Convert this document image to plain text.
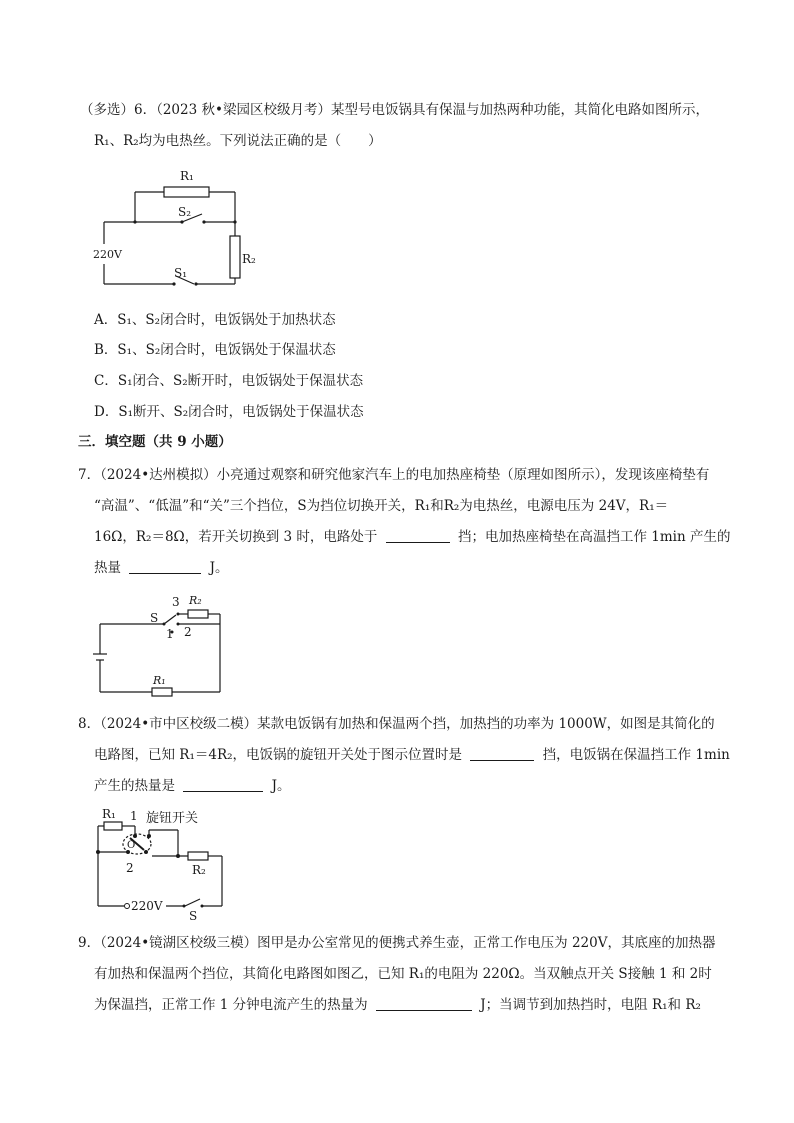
（多选）6．（2023 秋•梁园区校级月考）某型号电饭锅具有保温与加热两种功能，其简化电路如图所示，
R₁、R₂均为电热丝。下列说法正确的是（　　）
R₁
S₂
R₂
S₁
220V
A．S₁、S₂闭合时，电饭锅处于加热状态
B．S₁、S₂闭合时，电饭锅处于保温状态
C．S₁闭合、S₂断开时，电饭锅处于保温状态
D．S₁断开、S₂闭合时，电饭锅处于保温状态
三．填空题（共 9 小题）
7．（2024•达州模拟）小亮通过观察和研究他家汽车上的电加热座椅垫（原理如图所示），发现该座椅垫有
“高温”、“低温”和“关”三个挡位，S为挡位切换开关，R₁和R₂为电热丝，电源电压为 24V，R₁＝
16Ω，R₂＝8Ω，若开关切换到 3 时，电路处于	挡；电加热座椅垫在高温挡工作 1min 产生的
热量	J。
S
3
2
1
R₂
R₁
8．（2024•市中区校级二模）某款电饭锅有加热和保温两个挡，加热挡的功率为 1000W，如图是其简化的
电路图，已知 R₁＝4R₂，电饭锅的旋钮开关处于图示位置时是	挡，电饭锅在保温挡工作 1min
产生的热量是	J。
R₁ 1 旋钮开关
O
2	R₂
220V
S
9．（2024•镜湖区校级三模）图甲是办公室常见的便携式养生壶，正常工作电压为 220V，其底座的加热器
有加热和保温两个挡位，其简化电路图如图乙，已知 R₁的电阻为 220Ω。当双触点开关 S接触 1 和 2时
为保温挡，正常工作 1 分钟电流产生的热量为	J；当调节到加热挡时，电阻 R₁和 R₂
